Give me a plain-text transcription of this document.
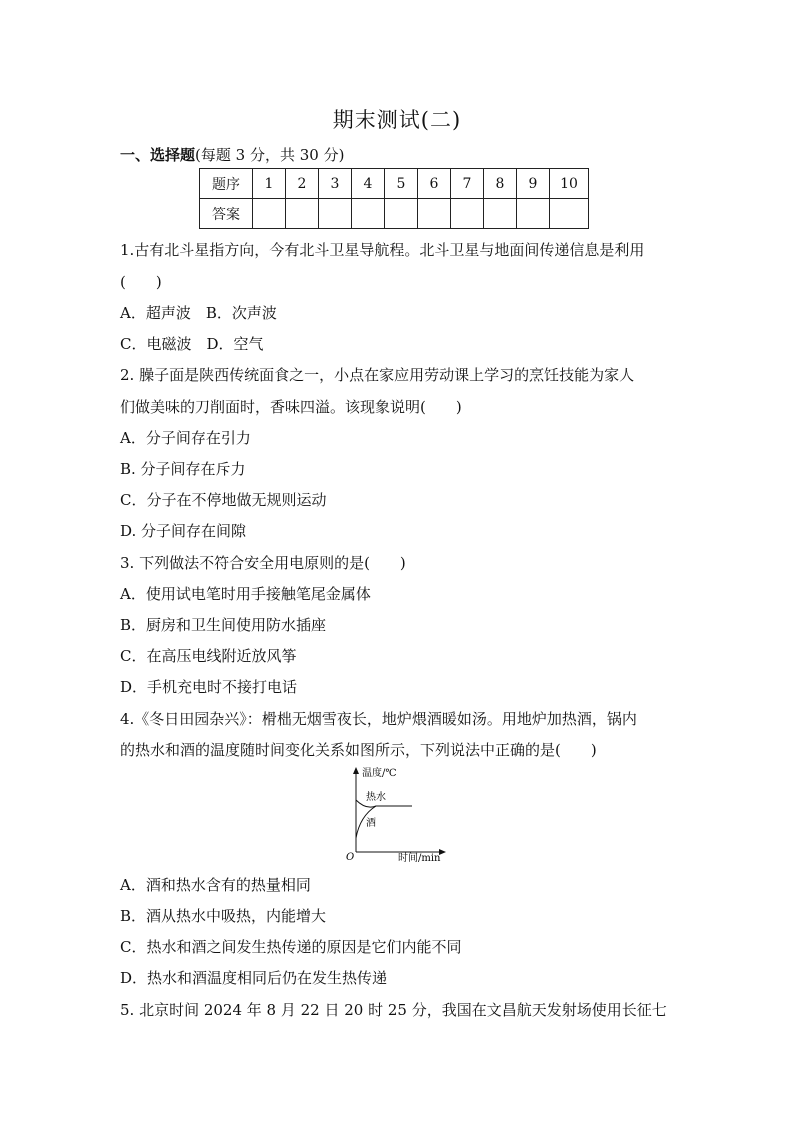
期末测试(二)
一、选择题(每题 3 分，共 30 分)
题序	1	2	3	4	5	6	7	8	9	10
答案										
1.古有北斗星指方向，今有北斗卫星导航程。北斗卫星与地面间传递信息是利用
(　　)
A．超声波　B．次声波
C．电磁波　D．空气
2. 臊子面是陕西传统面食之一，小点在家应用劳动课上学习的烹饪技能为家人
们做美味的刀削面时，香味四溢。该现象说明(　　)
A．分子间存在引力
B. 分子间存在斥力
C．分子在不停地做无规则运动
D. 分子间存在间隙
3. 下列做法不符合安全用电原则的是(　　)
A．使用试电笔时用手接触笔尾金属体
B．厨房和卫生间使用防水插座
C．在高压电线附近放风筝
D．手机充电时不接打电话
4.《冬日田园杂兴》：榾柮无烟雪夜长，地炉煨酒暖如汤。用地炉加热酒，锅内
的热水和酒的温度随时间变化关系如图所示，下列说法中正确的是(　　)
温度/℃
热水
酒
O	时间/min
A．酒和热水含有的热量相同
B．酒从热水中吸热，内能增大
C．热水和酒之间发生热传递的原因是它们内能不同
D．热水和酒温度相同后仍在发生热传递
5. 北京时间 2024 年 8 月 22 日 20 时 25 分，我国在文昌航天发射场使用长征七
